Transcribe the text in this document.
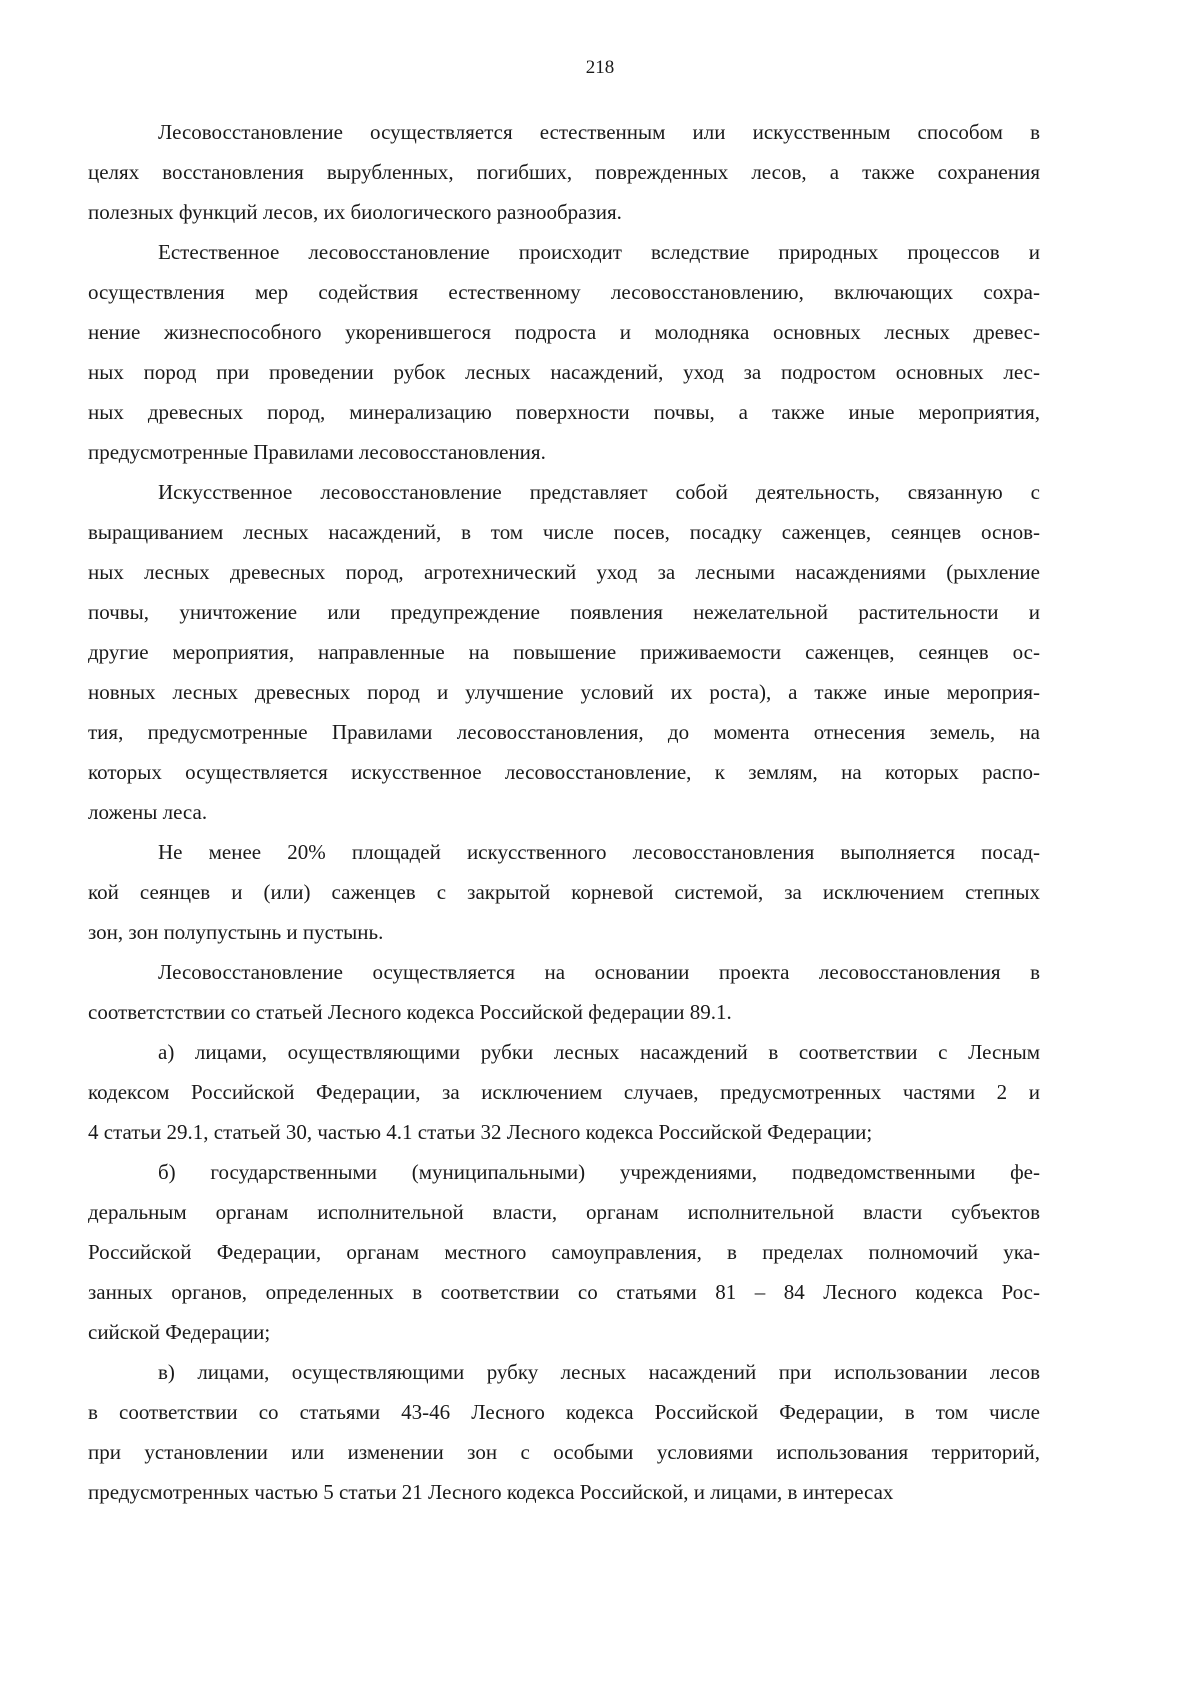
218
Лесовосстановление осуществляется естественным или искусственным способом в
целях восстановления вырубленных, погибших, поврежденных лесов, а также сохранения
полезных функций лесов, их биологического разнообразия.
Естественное лесовосстановление происходит вследствие природных процессов и
осуществления мер содействия естественному лесовосстановлению, включающих сохра-
нение жизнеспособного укоренившегося подроста и молодняка основных лесных древес-
ных пород при проведении рубок лесных насаждений, уход за подростом основных лес-
ных древесных пород, минерализацию поверхности почвы, а также иные мероприятия,
предусмотренные Правилами лесовосстановления.
Искусственное лесовосстановление представляет собой деятельность, связанную с
выращиванием лесных насаждений, в том числе посев, посадку саженцев, сеянцев основ-
ных лесных древесных пород, агротехнический уход за лесными насаждениями (рыхление
почвы, уничтожение или предупреждение появления нежелательной растительности и
другие мероприятия, направленные на повышение приживаемости саженцев, сеянцев ос-
новных лесных древесных пород и улучшение условий их роста), а также иные мероприя-
тия, предусмотренные Правилами лесовосстановления, до момента отнесения земель, на
которых осуществляется искусственное лесовосстановление, к землям, на которых распо-
ложены леса.
Не менее 20% площадей искусственного лесовосстановления выполняется посад-
кой сеянцев и (или) саженцев с закрытой корневой системой, за исключением степных
зон, зон полупустынь и пустынь.
Лесовосстановление осуществляется на основании проекта лесовосстановления в
соответстствии со статьей Лесного кодекса Российской федерации 89.1.
а) лицами, осуществляющими рубки лесных насаждений в соответствии с Лесным
кодексом Российской Федерации, за исключением случаев, предусмотренных частями 2 и
4 статьи 29.1, статьей 30, частью 4.1 статьи 32 Лесного кодекса Российской Федерации;
б) государственными (муниципальными) учреждениями, подведомственными фе-
деральным органам исполнительной власти, органам исполнительной власти субъектов
Российской Федерации, органам местного самоуправления, в пределах полномочий ука-
занных органов, определенных в соответствии со статьями 81 – 84 Лесного кодекса Рос-
сийской Федерации;
в) лицами, осуществляющими рубку лесных насаждений при использовании лесов
в соответствии со статьями 43-46 Лесного кодекса Российской Федерации, в том числе
при установлении или изменении зон с особыми условиями использования территорий,
предусмотренных частью 5 статьи 21 Лесного кодекса Российской, и лицами, в интересах
